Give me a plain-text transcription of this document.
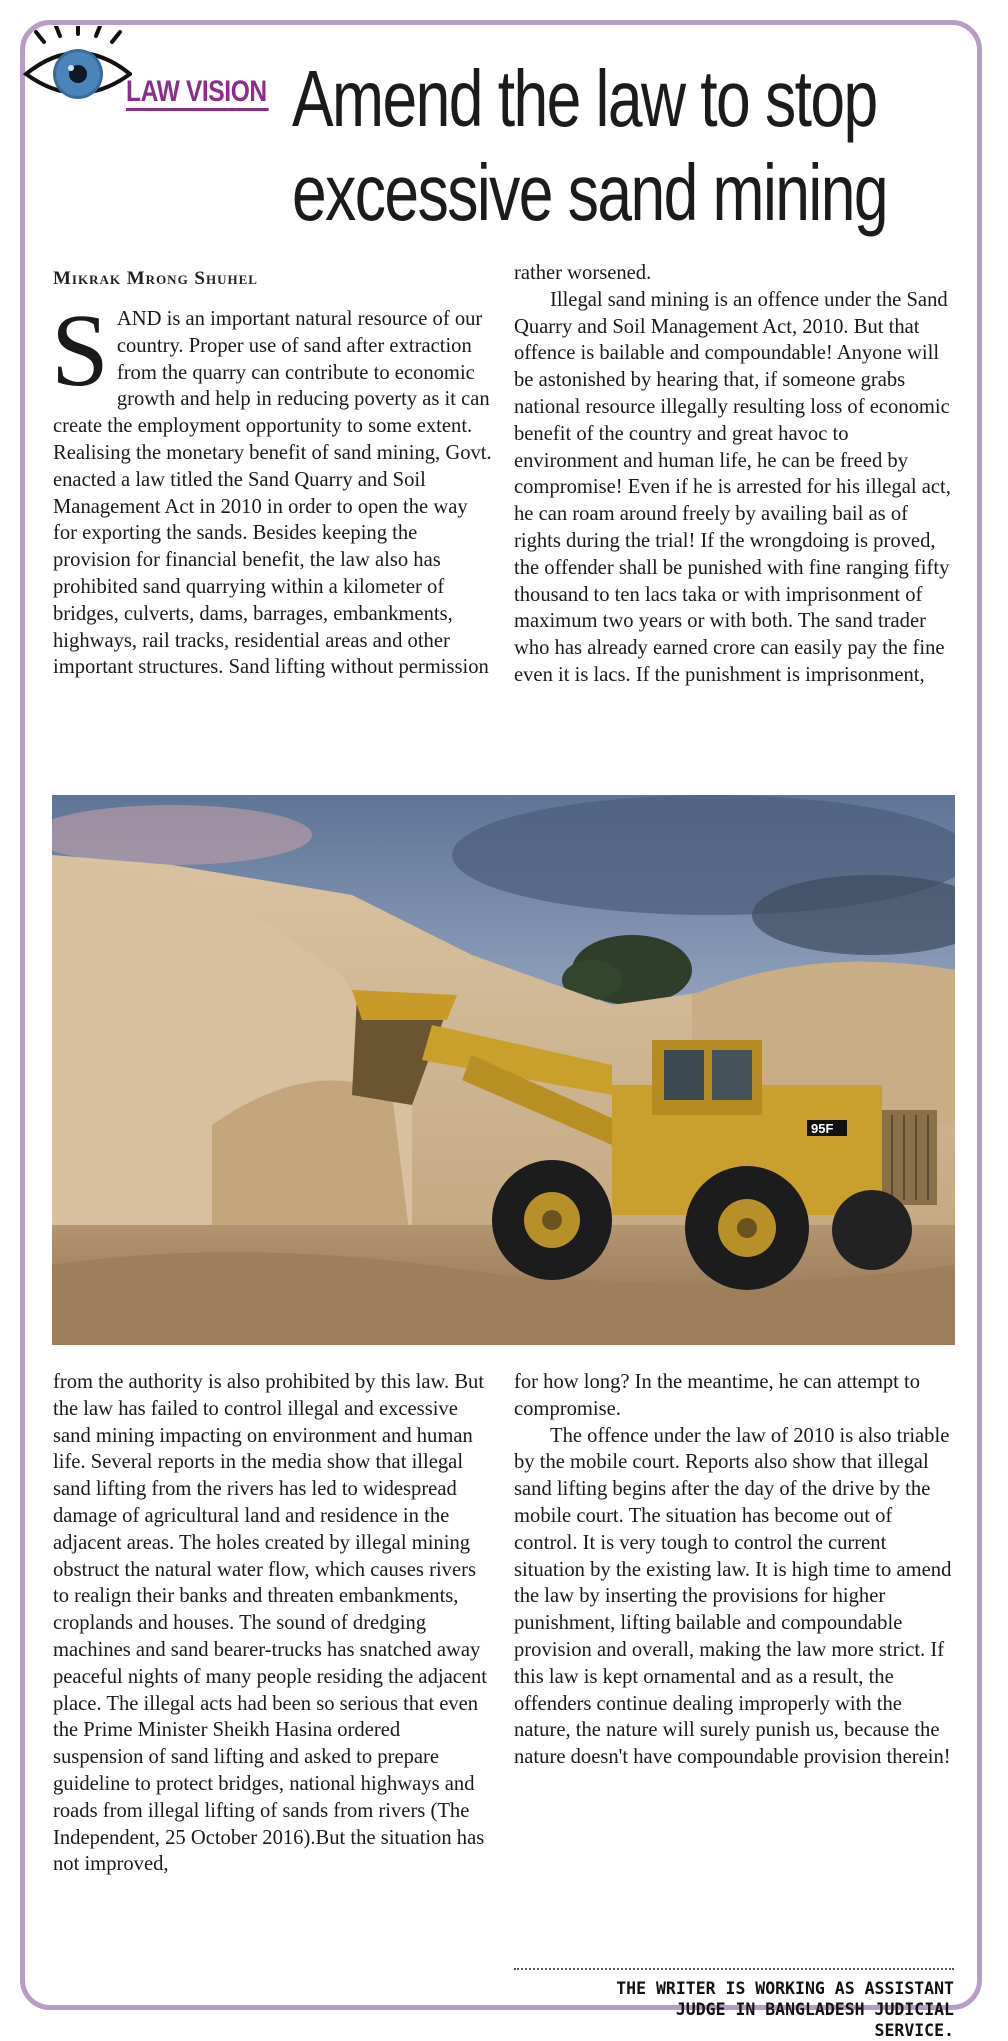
LAW VISION Amend the law to stop
excessive sand mining
Mikrak Mrong Shuhel
S AND is an important natural resource of our country. Proper use of sand after extraction from the quarry can contribute to economic growth and help in reducing poverty as it can create the employment opportunity to some extent. Realising the monetary benefit of sand mining, Govt. enacted a law titled the Sand Quarry and Soil Management Act in 2010 in order to open the way for exporting the sands. Besides keeping the provision for financial benefit, the law also has prohibited sand quarrying within a kilometer of bridges, culverts, dams, barrages, embankments, highways, rail tracks, residential areas and other important structures. Sand lifting without permission

rather worsened.

Illegal sand mining is an offence under the Sand Quarry and Soil Management Act, 2010. But that offence is bailable and compoundable! Anyone will be astonished by hearing that, if someone grabs national resource illegally resulting loss of economic benefit of the country and great havoc to environment and human life, he can be freed by compromise! Even if he is arrested for his illegal act, he can roam around freely by availing bail as of rights during the trial! If the wrongdoing is proved, the offender shall be punished with fine ranging fifty thousand to ten lacs taka or with imprisonment of maximum two years or with both. The sand trader who has already earned crore can easily pay the fine even it is lacs. If the punishment is imprisonment,

95F

from the authority is also prohibited by this law. But the law has failed to control illegal and excessive sand mining impacting on environment and human life. Several reports in the media show that illegal sand lifting from the rivers has led to widespread damage of agricultural land and residence in the adjacent areas. The holes created by illegal mining obstruct the natural water flow, which causes rivers to realign their banks and threaten embankments, croplands and houses. The sound of dredging machines and sand bearer-trucks has snatched away peaceful nights of many people residing the adjacent place. The illegal acts had been so serious that even the Prime Minister Sheikh Hasina ordered suspension of sand lifting and asked to prepare guideline to protect bridges, national highways and roads from illegal lifting of sands from rivers (The Independent, 25 October 2016).But the situation has not improved,

for how long? In the meantime, he can attempt to compromise.

The offence under the law of 2010 is also triable by the mobile court. Reports also show that illegal sand lifting begins after the day of the drive by the mobile court. The situation has become out of control. It is very tough to control the current situation by the existing law. It is high time to amend the law by inserting the provisions for higher punishment, lifting bailable and compoundable provision and overall, making the law more strict. If this law is kept ornamental and as a result, the offenders continue dealing improperly with the nature, the nature will surely punish us, because the nature doesn't have compoundable provision therein!

THE WRITER IS WORKING AS ASSISTANT
JUDGE IN BANGLADESH JUDICIAL
SERVICE.
